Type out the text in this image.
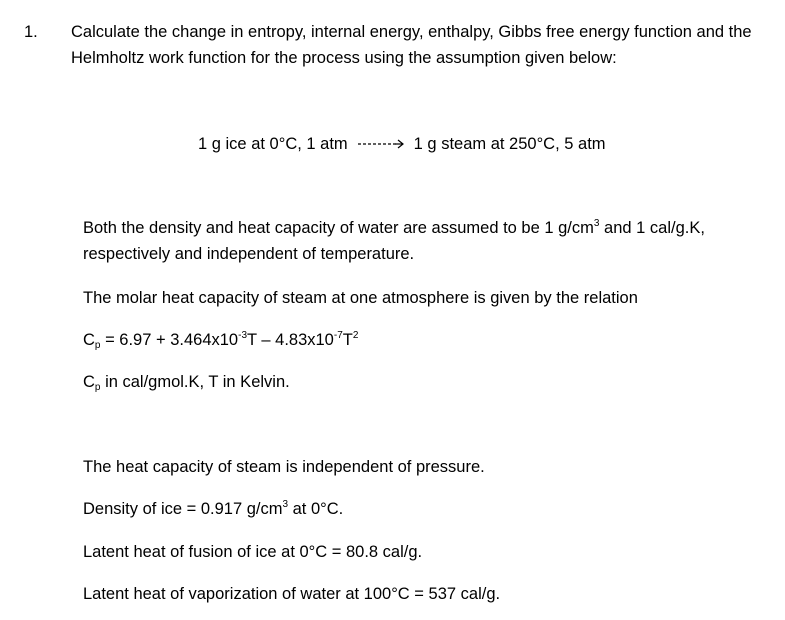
1. Calculate the change in entropy, internal energy, enthalpy, Gibbs free energy function and the
Helmholtz work function for the process using the assumption given below:
1 g ice at 0°C, 1 atm	1 g steam at 250°C, 5 atm
Both the density and heat capacity of water are assumed to be 1 $g/cm^3$ and 1 cal/g.K,
respectively and independent of temperature.
The molar heat capacity of steam at one atmosphere is given by the relation
$C_p = 6.97 + 3.464x10^{-3}T - 4.83x10^{-7}T^2$
$C_p$ in cal/gmol.K, T in Kelvin.
The heat capacity of steam is independent of pressure.
Density of ice = 0.917 $g/cm^3$ at 0°C.
Latent heat of fusion of ice at 0°C = 80.8 cal/g.
Latent heat of vaporization of water at 100°C = 537 cal/g.
